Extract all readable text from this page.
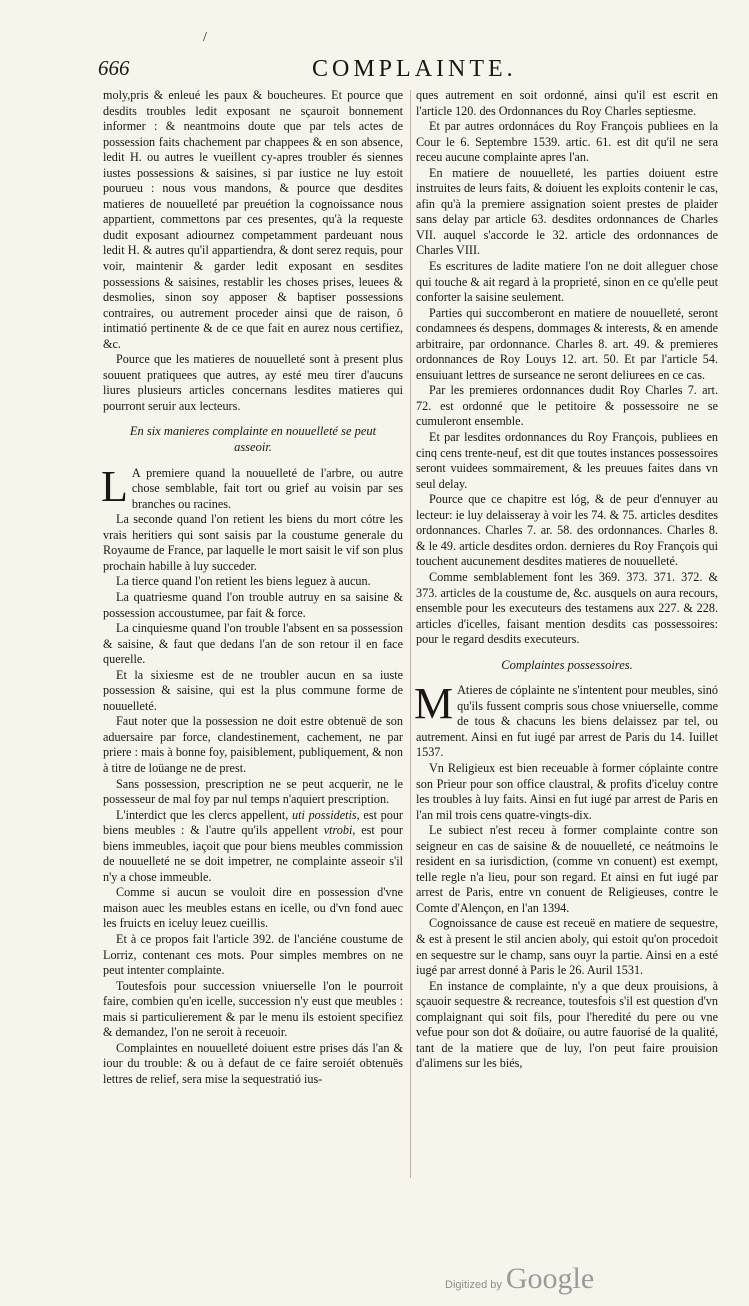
/
666	COMPLAINTE.

moly,pris & enleué les paux & boucheures. Et pource que desdits troubles ledit exposant ne sçauroit bonnement informer : & neantmoins doute que par tels actes de possession faits chachement par chappees & en son absence, ledit H. ou autres le vueillent cy-apres troubler és siennes iustes possessions & saisines, si par iustice ne luy estoit pourueu : nous vous mandons, & pource que desdites matieres de nouuelleté par preuétion la cognoissance nous appartient, commettons par ces presentes, qu'à la requeste dudit exposant adiournez competamment pardeuant nous ledit H. & autres qu'il appartiendra, & dont serez requis, pour voir, maintenir & garder ledit exposant en sesdites possessions & saisines, restablir les choses prises, leuees & desmolies, sinon soy apposer & baptiser possessions contraires, ou autrement proceder ainsi que de raison, ô intimatió pertinente & de ce que fait en aurez nous certifiez, &c.

Pource que les matieres de nouuelleté sont à present plus souuent pratiquees que autres, ay esté meu tirer d'aucuns liures plusieurs articles concernans lesdites matieres qui pourront seruir aux lecteurs.

En six manieres complainte en nouuelleté se peut asseoir.

L A premiere quand la nouuelleté de l'arbre, ou autre chose semblable, fait tort ou grief au voisin par ses branches ou racines.

La seconde quand l'on retient les biens du mort cótre les vrais heritiers qui sont saisis par la coustume generale du Royaume de France, par laquelle le mort saisit le vif son plus prochain habille à luy succeder.

La tierce quand l'on retient les biens leguez à aucun.

La quatriesme quand l'on trouble autruy en sa saisine & possession accoustumee, par fait & force.

La cinquiesme quand l'on trouble l'absent en sa possession & saisine, & faut que dedans l'an de son retour il en face querelle.

Et la sixiesme est de ne troubler aucun en sa iuste possession & saisine, qui est la plus commune forme de nouuelleté.

Faut noter que la possession ne doit estre obtenuë de son aduersaire par force, clandestinement, cachement, ne par priere : mais à bonne foy, paisiblement, publiquement, & non à titre de loüange ne de prest.

Sans possession, prescription ne se peut acquerir, ne le possesseur de mal foy par nul temps n'aquiert prescription.

L'interdict que les clercs appellent, uti possidetis, est pour biens meubles : & l'autre qu'ils appellent vtrobi, est pour biens immeubles, iaçoit que pour biens meubles commission de nouuelleté ne se doit impetrer, ne complainte asseoir s'il n'y a chose immeuble.

Comme si aucun se vouloit dire en possession d'vne maison auec les meubles estans en icelle, ou d'vn fond auec les fruicts en iceluy leuez cueillis.

Et à ce propos fait l'article 392. de l'anciéne coustume de Lorriz, contenant ces mots. Pour simples membres on ne peut intenter complainte.

Toutesfois pour succession vniuerselle l'on le pourroit faire, combien qu'en icelle, succession n'y eust que meubles : mais si particulierement & par le menu ils estoient specifiez & demandez, l'on ne seroit à receuoir.

Complaintes en nouuelleté doiuent estre prises dás l'an & iour du trouble: & ou à defaut de ce faire seroiét obtenuës lettres de relief, sera mise la sequestratió ius-

ques autrement en soit ordonné, ainsi qu'il est escrit en l'article 120. des Ordonnances du Roy Charles septiesme.

Et par autres ordonnáces du Roy François publiees en la Cour le 6. Septembre 1539. artic. 61. est dit qu'il ne sera receu aucune complainte apres l'an.

En matiere de nouuelleté, les parties doiuent estre instruites de leurs faits, & doiuent les exploits contenir le cas, afin qu'à la premiere assignation soient prestes de plaider sans delay par article 63. desdites ordonnances de Charles VII. auquel s'accorde le 32. article des ordonnances de Charles VIII.

Es escritures de ladite matiere l'on ne doit alleguer chose qui touche & ait regard à la proprieté, sinon en ce qu'elle peut conforter la saisine seulement.

Parties qui succomberont en matiere de nouuelleté, seront condamnees és despens, dommages & interests, & en amende arbitraire, par ordonnance. Charles 8. art. 49. & premieres ordonnances de Roy Louys 12. art. 50. Et par l'article 54. ensuiuant lettres de surseance ne seront deliurees en ce cas.

Par les premieres ordonnances dudit Roy Charles 7. art. 72. est ordonné que le petitoire & possessoire ne se cumuleront ensemble.

Et par lesdites ordonnances du Roy François, publiees en cinq cens trente-neuf, est dit que toutes instances possessoires seront vuidees sommairement, & les preuues faites dans vn seul delay.

Pource que ce chapitre est lóg, & de peur d'ennuyer au lecteur: ie luy delaisseray à voir les 74. & 75. articles desdites ordonnances. Charles 7. ar. 58. des ordonnances. Charles 8. & le 49. article desdites ordon. dernieres du Roy François qui touchent aucunement desdites matieres de nouuelleté.

Comme semblablement font les 369. 373. 371. 372. & 373. articles de la coustume de, &c. ausquels on aura recours, ensemble pour les executeurs des testamens aux 227. & 228. articles d'icelles, faisant mention desdits cas possessoires: pour le regard desdits executeurs.

Complaintes possessoires.

M Atieres de cóplainte ne s'intentent pour meubles, sinó qu'ils fussent compris sous chose vniuerselle, comme de tous & chacuns les biens delaissez par tel, ou autrement. Ainsi en fut iugé par arrest de Paris du 14. Iuillet 1537.

Vn Religieux est bien receuable à former cóplainte contre son Prieur pour son office claustral, & profits d'iceluy contre les troubles à luy faits. Ainsi en fut iugé par arrest de Paris en l'an mil trois cens quatre-vingts-dix.

Le subiect n'est receu à former complainte contre son seigneur en cas de saisine & de nouuelleté, ce neátmoins le resident en sa iurisdiction, (comme vn conuent) est exempt, telle regle n'a lieu, pour son regard. Et ainsi en fut iugé par arrest de Paris, entre vn conuent de Religieuses, contre le Comte d'Alençon, en l'an 1394.

Cognoissance de cause est receuë en matiere de sequestre, & est à present le stil ancien aboly, qui estoit qu'on procedoit en sequestre sur le champ, sans ouyr la partie. Ainsi en a esté iugé par arrest donné à Paris le 26. Auril 1531.

En instance de complainte, n'y a que deux prouisions, à sçauoir sequestre & recreance, toutesfois s'il est question d'vn complaignant qui soit fils, pour l'heredité du pere ou vne vefue pour son dot & doüaire, ou autre fauorisé de la qualité, tant de la matiere que de luy, l'on peut faire prouision d'alimens sur les biés,

Digitized by Google
